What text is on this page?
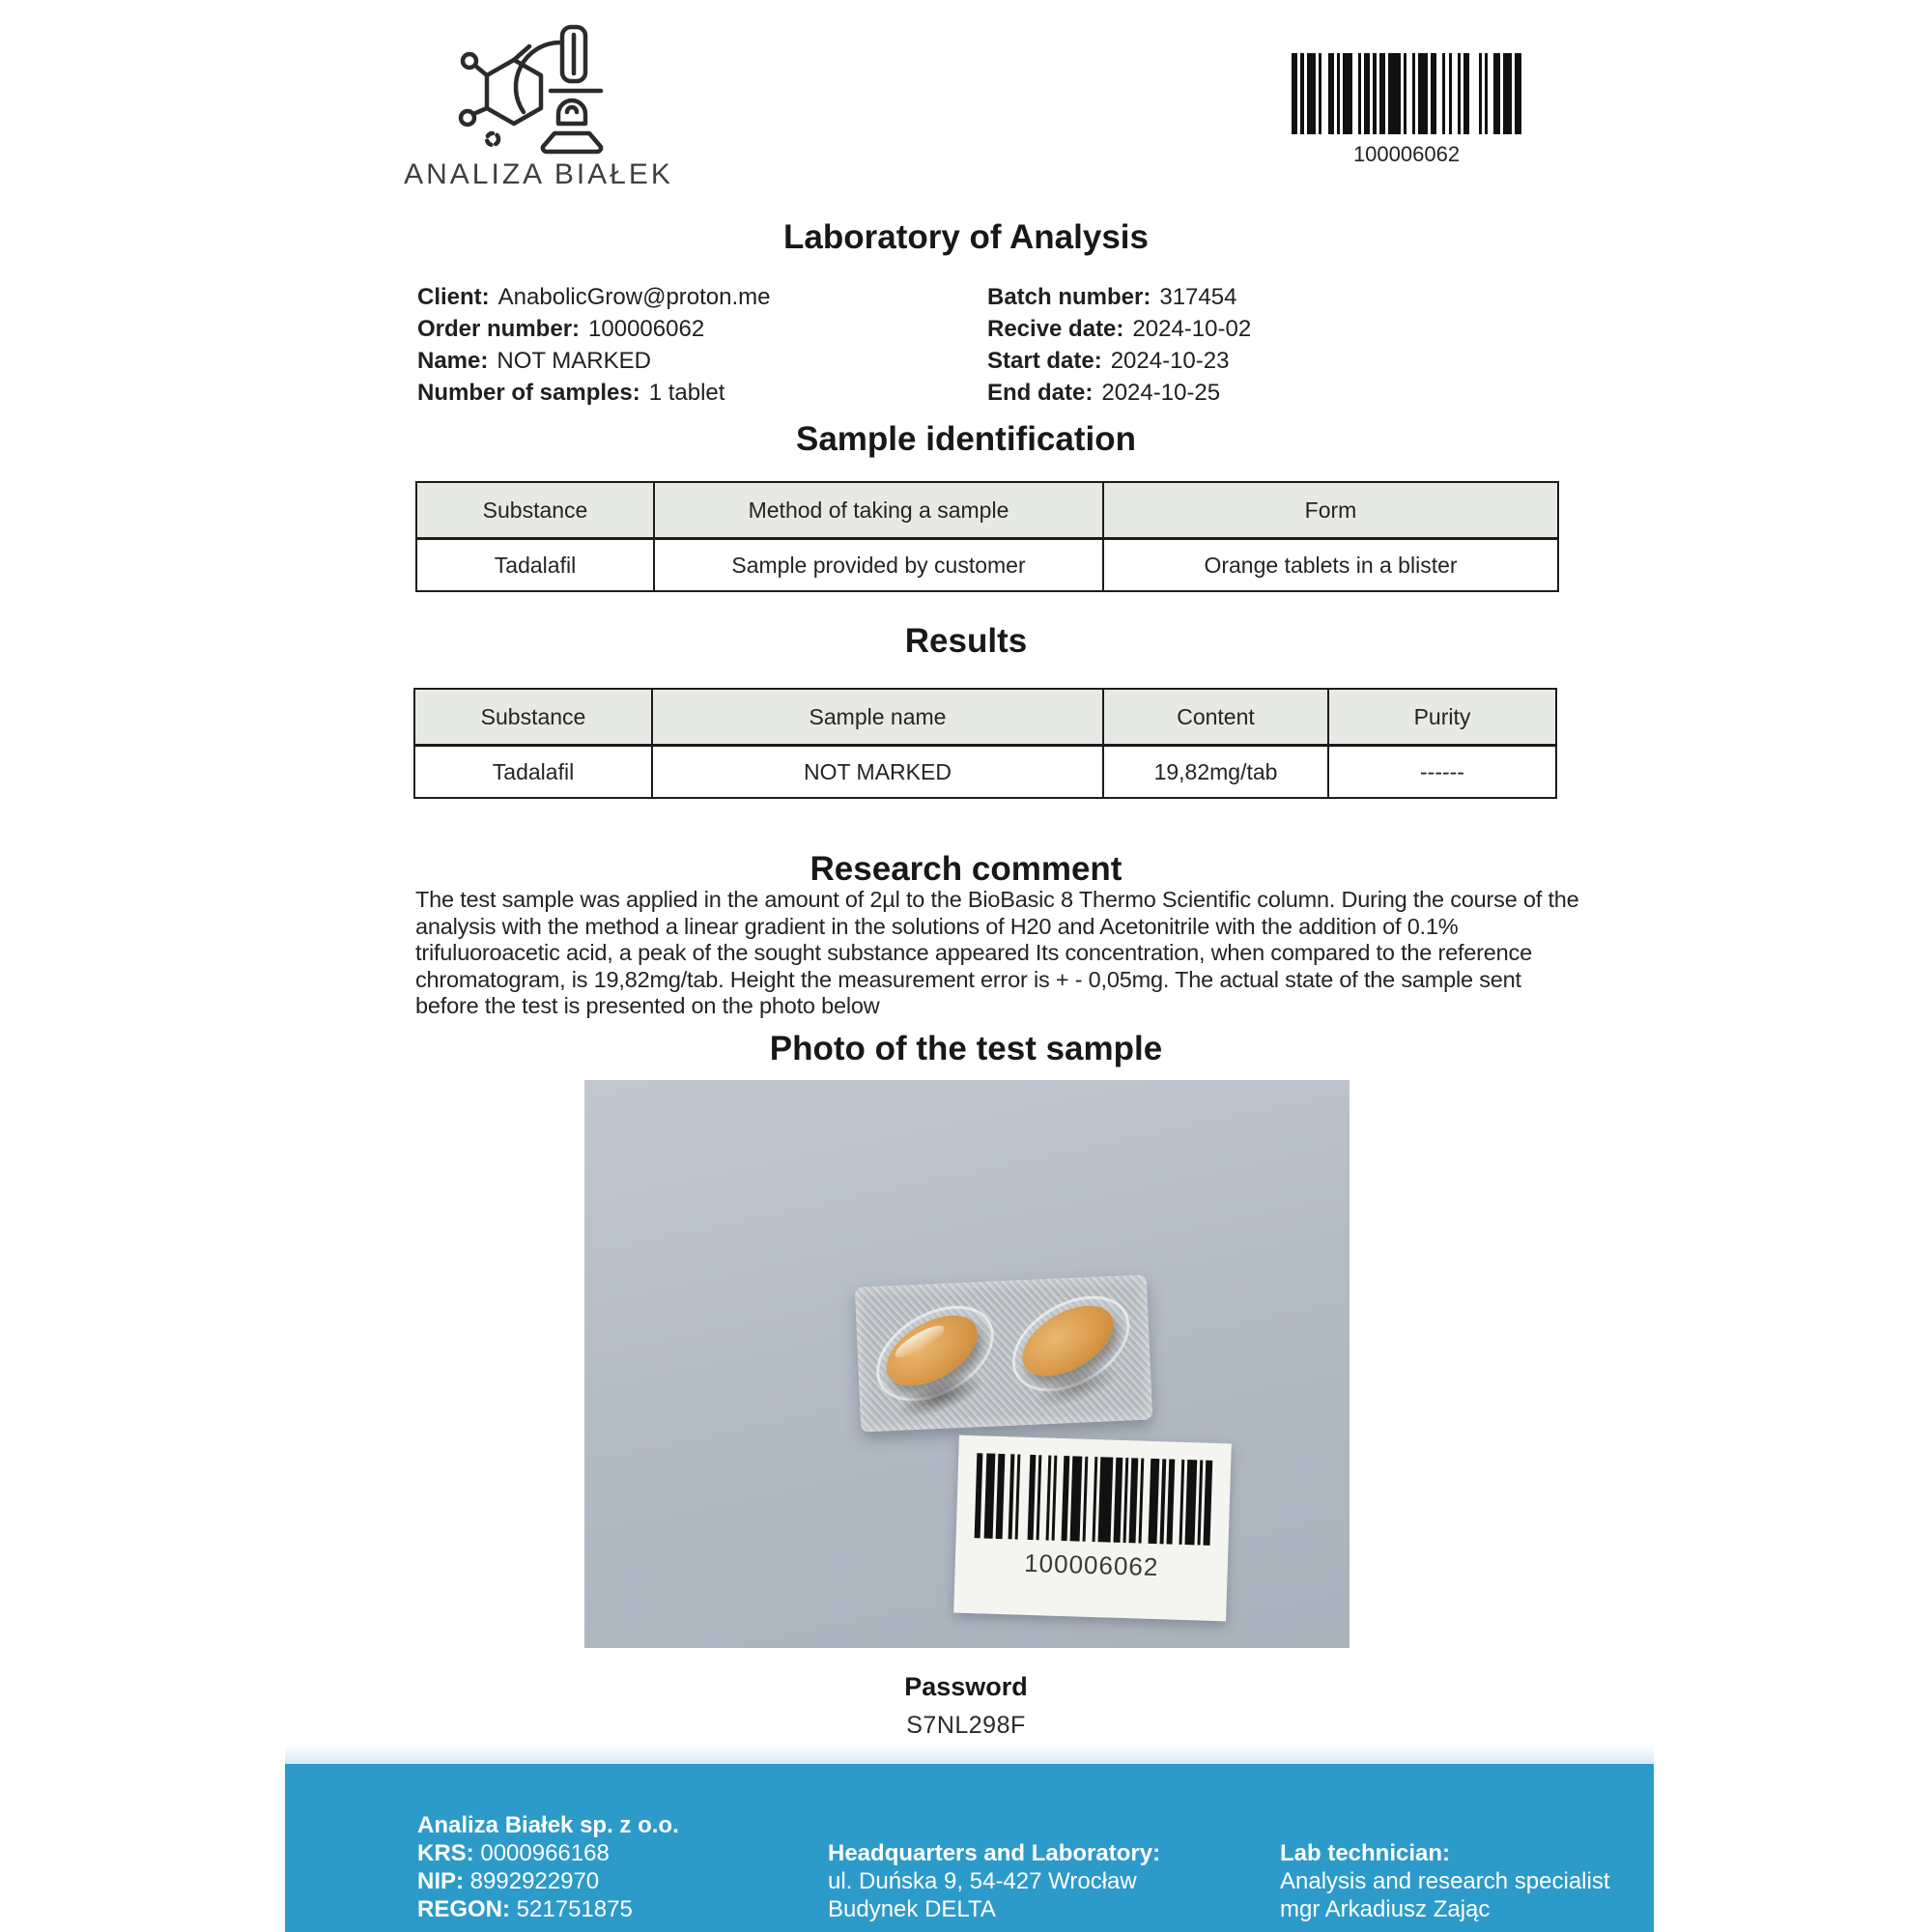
ANALIZA BIAŁEK
100006062
Laboratory of Analysis
Client: AnabolicGrow@proton.me
Order number: 100006062
Name: NOT MARKED
Number of samples: 1 tablet
Batch number: 317454
Recive date: 2024-10-02
Start date: 2024-10-23
End date: 2024-10-25
Sample identification
Substance	Method of taking a sample	Form
Tadalafil	Sample provided by customer	Orange tablets in a blister
Results
Substance	Sample name	Content	Purity
Tadalafil	NOT MARKED	19,82mg/tab	------
Research comment

The test sample was applied in the amount of 2µl to the BioBasic 8 Thermo Scientific column. During the course of the analysis with the method a linear gradient in the solutions of H20 and Acetonitrile with the addition of 0.1% trifuluoroacetic acid, a peak of the sought substance appeared Its concentration, when compared to the reference chromatogram, is 19,82mg/tab. Height the measurement error is + - 0,05mg. The actual state of the sample sent before the test is presented on the photo below

Photo of the test sample
100006062
Password
S7NL298F
Analiza Białek sp. z o.o.
KRS: 0000966168
NIP: 8992922970
REGON: 521751875
Headquarters and Laboratory:
ul. Duńska 9, 54-427 Wrocław
Budynek DELTA
Lab technician:
Analysis and research specialist
mgr Arkadiusz Zając
